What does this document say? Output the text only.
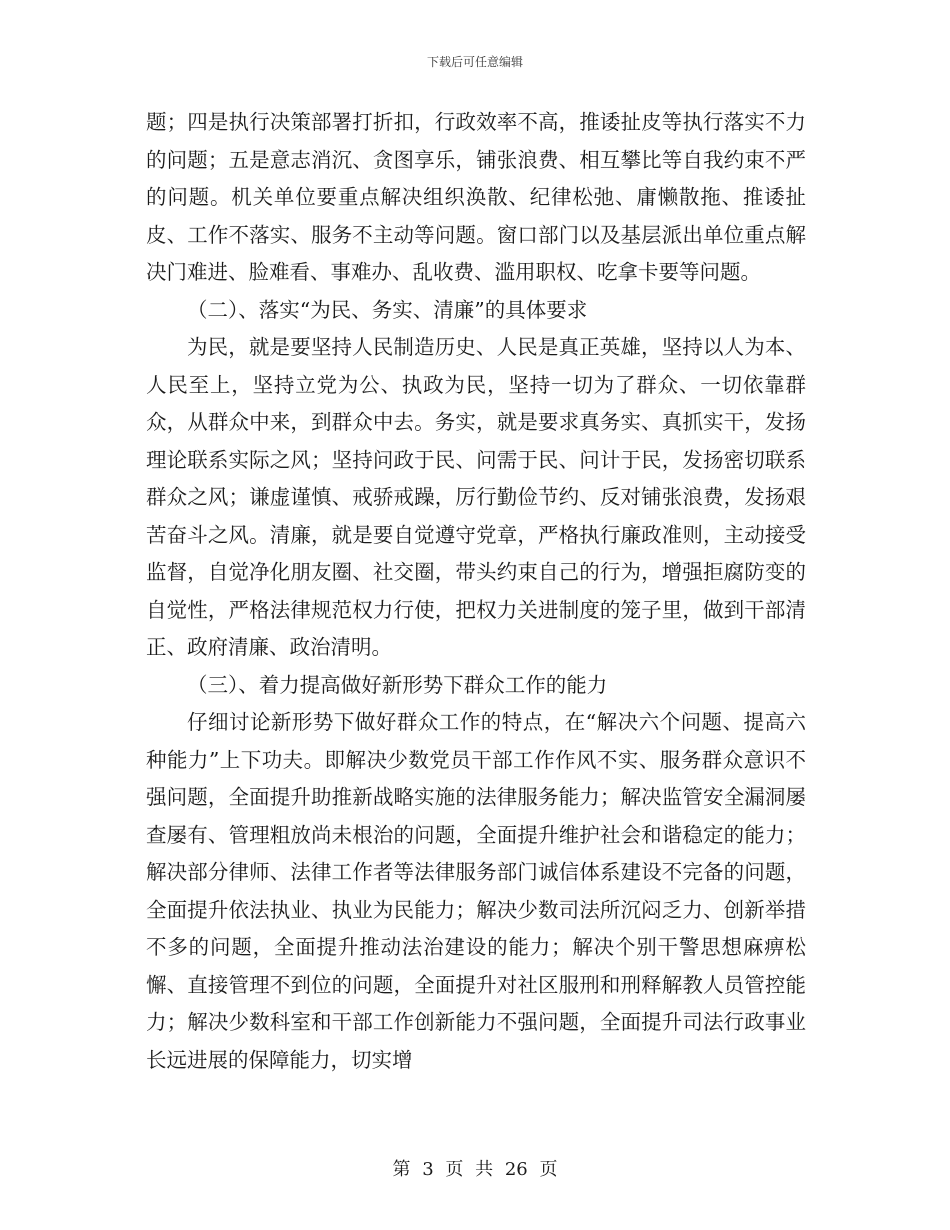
下载后可任意编辑

题；四是执行决策部署打折扣，行政效率不高，推诿扯皮等执行落实不力的问题；五是意志消沉、贪图享乐，铺张浪费、相互攀比等自我约束不严的问题。机关单位要重点解决组织涣散、纪律松弛、庸懒散拖、推诿扯皮、工作不落实、服务不主动等问题。窗口部门以及基层派出单位重点解决门难进、脸难看、事难办、乱收费、滥用职权、吃拿卡要等问题。

（二）、落实“为民、务实、清廉”的具体要求

为民，就是要坚持人民制造历史、人民是真正英雄，坚持以人为本、人民至上，坚持立党为公、执政为民，坚持一切为了群众、一切依靠群众，从群众中来，到群众中去。务实，就是要求真务实、真抓实干，发扬理论联系实际之风；坚持问政于民、问需于民、问计于民，发扬密切联系群众之风；谦虚谨慎、戒骄戒躁，厉行勤俭节约、反对铺张浪费，发扬艰苦奋斗之风。清廉，就是要自觉遵守党章，严格执行廉政准则，主动接受监督，自觉净化朋友圈、社交圈，带头约束自己的行为，增强拒腐防变的自觉性，严格法律规范权力行使，把权力关进制度的笼子里，做到干部清正、政府清廉、政治清明。

（三）、着力提高做好新形势下群众工作的能力

仔细讨论新形势下做好群众工作的特点，在“解决六个问题、提高六种能力”上下功夫。即解决少数党员干部工作作风不实、服务群众意识不强问题，全面提升助推新战略实施的法律服务能力；解决监管安全漏洞屡查屡有、管理粗放尚未根治的问题，全面提升维护社会和谐稳定的能力；解决部分律师、法律工作者等法律服务部门诚信体系建设不完备的问题，全面提升依法执业、执业为民能力；解决少数司法所沉闷乏力、创新举措不多的问题，全面提升推动法治建设的能力；解决个别干警思想麻痹松懈、直接管理不到位的问题，全面提升对社区服刑和刑释解教人员管控能力；解决少数科室和干部工作创新能力不强问题，全面提升司法行政事业长远进展的保障能力，切实增

第 3 页 共 26 页
